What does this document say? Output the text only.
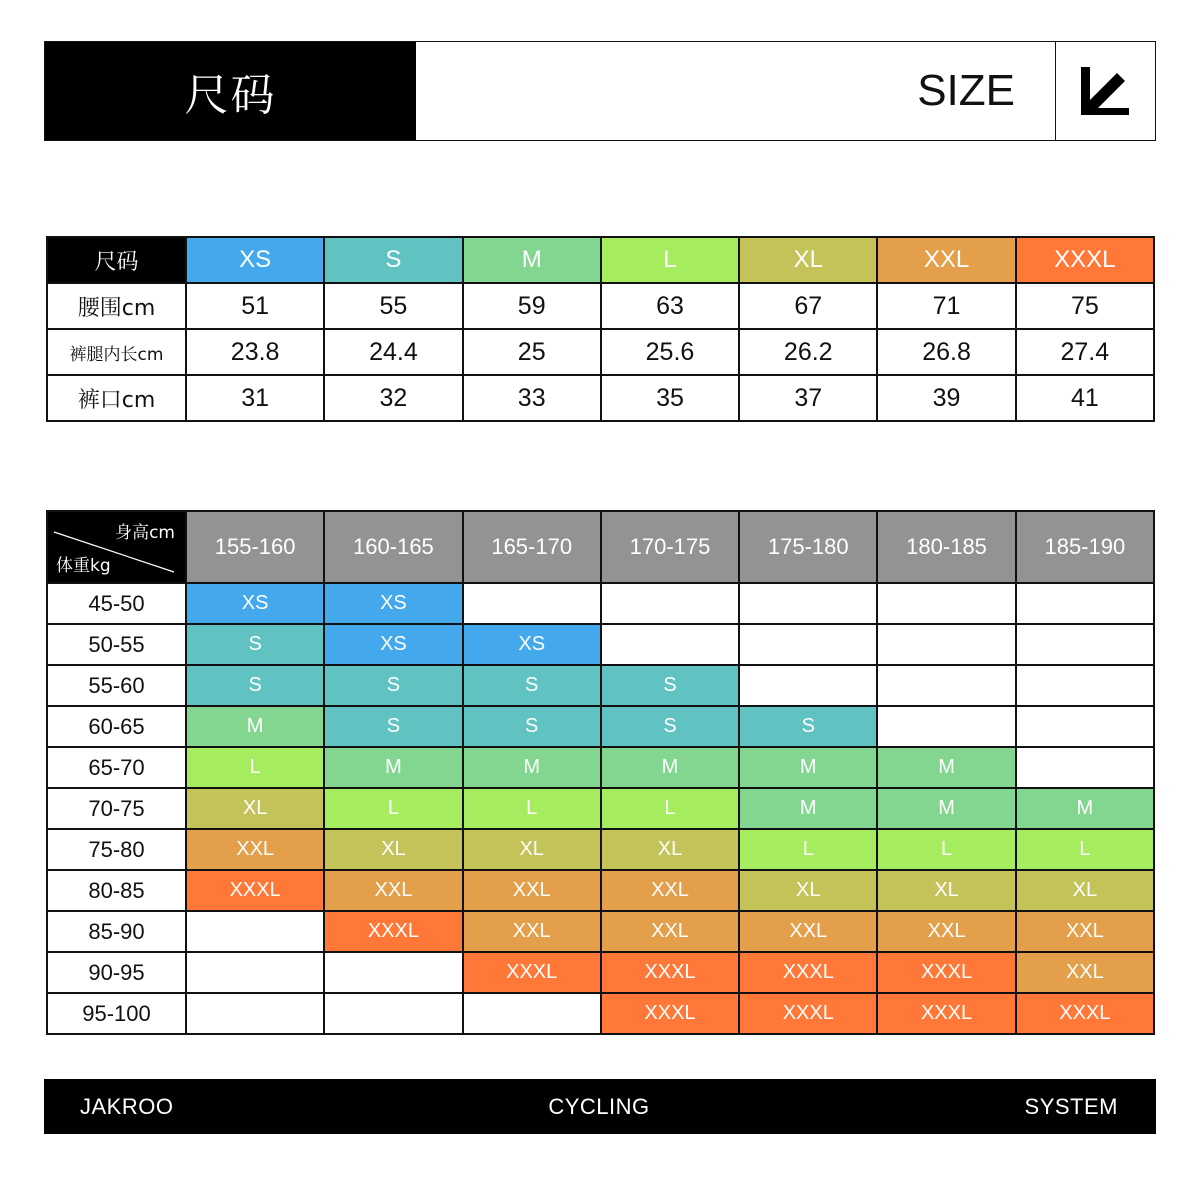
尺码	SIZE
尺码	XS	S	M	L	XL	XXL	XXXL
腰围cm	51	55	59	63	67	71	75
裤腿内长cm	23.8	24.4	25	25.6	26.2	26.8	27.4
裤口cm	31	32	33	35	37	39	41
身高cm
体重kg	155-160	160-165	165-170	170-175	175-180	180-185	185-190
45-50	XS	XS					
50-55	S	XS	XS				
55-60	S	S	S	S			
60-65	M	S	S	S	S		
65-70	L	M	M	M	M	M	
70-75	XL	L	L	L	M	M	M
75-80	XXL	XL	XL	XL	L	L	L
80-85	XXXL	XXL	XXL	XXL	XL	XL	XL
85-90		XXXL	XXL	XXL	XXL	XXL	XXL
90-95			XXXL	XXXL	XXXL	XXXL	XXL
95-100				XXXL	XXXL	XXXL	XXXL
JAKROO	CYCLING	SYSTEM
